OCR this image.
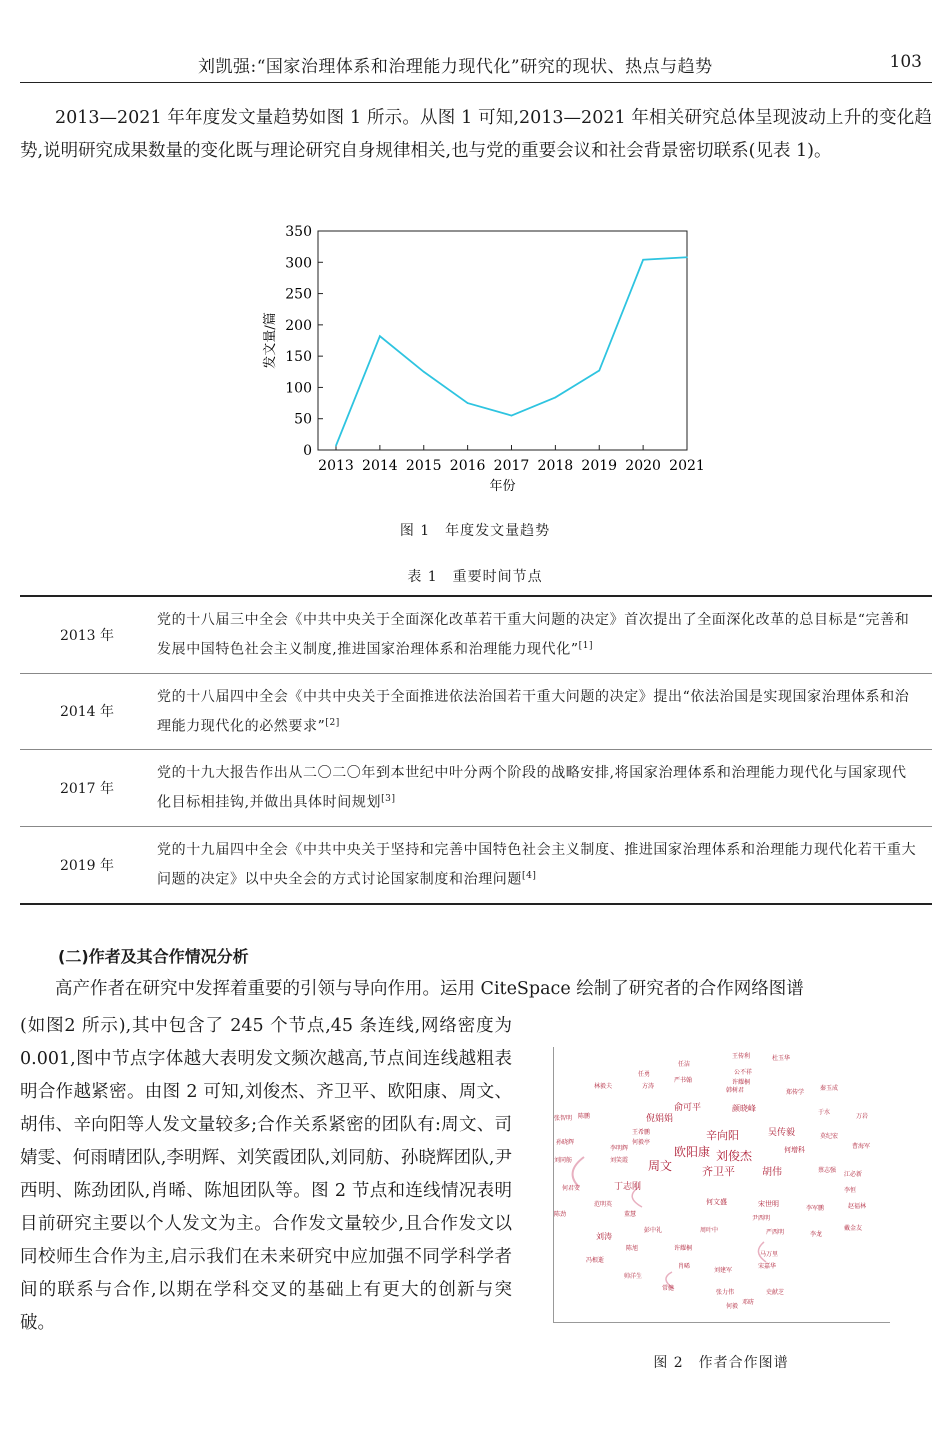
刘凯强:“国家治理体系和治理能力现代化”研究的现状、热点与趋势	103
2013—2021 年年度发文量趋势如图 1 所示。从图 1 可知,2013—2021 年相关研究总体呈现波动上升的变化趋势,说明研究成果数量的变化既与理论研究自身规律相关,也与党的重要会议和社会背景密切联系(见表 1)。
0
50
100
150
200
250
300
350
2013 2014 2015 2016 2017 2018 2019 2020 2021
年份
发文量/篇
图 1　年度发文量趋势
表 1　重要时间节点
2013 年	党的十八届三中全会《中共中央关于全面深化改革若干重大问题的决定》首次提出了全面深化改革的总目标是“完善和发展中国特色社会主义制度,推进国家治理体系和治理能力现代化”[1]
2014 年	党的十八届四中全会《中共中央关于全面推进依法治国若干重大问题的决定》提出“依法治国是实现国家治理体系和治理能力现代化的必然要求”[2]
2017 年	党的十九大报告作出从二〇二〇年到本世纪中叶分两个阶段的战略安排,将国家治理体系和治理能力现代化与国家现代化目标相挂钩,并做出具体时间规划[3]
2019 年	党的十九届四中全会《中共中央关于坚持和完善中国特色社会主义制度、推进国家治理体系和治理能力现代化若干重大问题的决定》以中央全会的方式讨论国家制度和治理问题[4]
(二)作者及其合作情况分析
高产作者在研究中发挥着重要的引领与导向作用。运用 CiteSpace 绘制了研究者的合作网络图谱
(如图2 所示),其中包含了 245 个节点,45 条连线,网络密度为 0.001,图中节点字体越大表明发文频次越高,节点间连线越粗表明合作越紧密。由图 2 可知,刘俊杰、齐卫平、欧阳康、周文、胡伟、辛向阳等人发文量较多;合作关系紧密的团队有:周文、司婧雯、何雨晴团队,李明辉、刘笑霞团队,刘同舫、孙晓辉团队,尹西明、陈劲团队,肖晞、陈旭团队等。图 2 节点和连线情况表明目前研究主要以个人发文为主。合作发文量较少,且合作发文以同校师生合作为主,启示我们在未来研究中应加强不同学科学者间的联系与合作,以期在学科交叉的基础上有更大的创新与突破。
王传利	杜玉华
任洁
公不祥
任勇
严书翰	许耀桐
林毅夫	方涛
韩树君	郑传学
秦玉成
俞可平	颜晓峰
陈鹏	倪娟娟
张智明
于水
万岩
王希鹏
何毅亭
辛向阳	吴传毅	莫纪宏
孙晓辉
李明辉	欧阳康 刘俊杰	何增科	曹海军
刘同舫	刘笑霞 周文	齐卫平	胡伟	蔡志强
江必新
丁志刚
何君安	李恒
范明英	何文盛	宋世明
李军鹏	赵福林
陈劲	董慧
尹西明
彭中礼	周叶中	严西明	李龙
戴金友
刘涛
陈旭
马万里
许耀桐
肖晞	宋嘉华
刘建军
常健
张力伟
何毅
史献芝
冯根逝
帅洋生
邓昉
图 2　作者合作图谱
